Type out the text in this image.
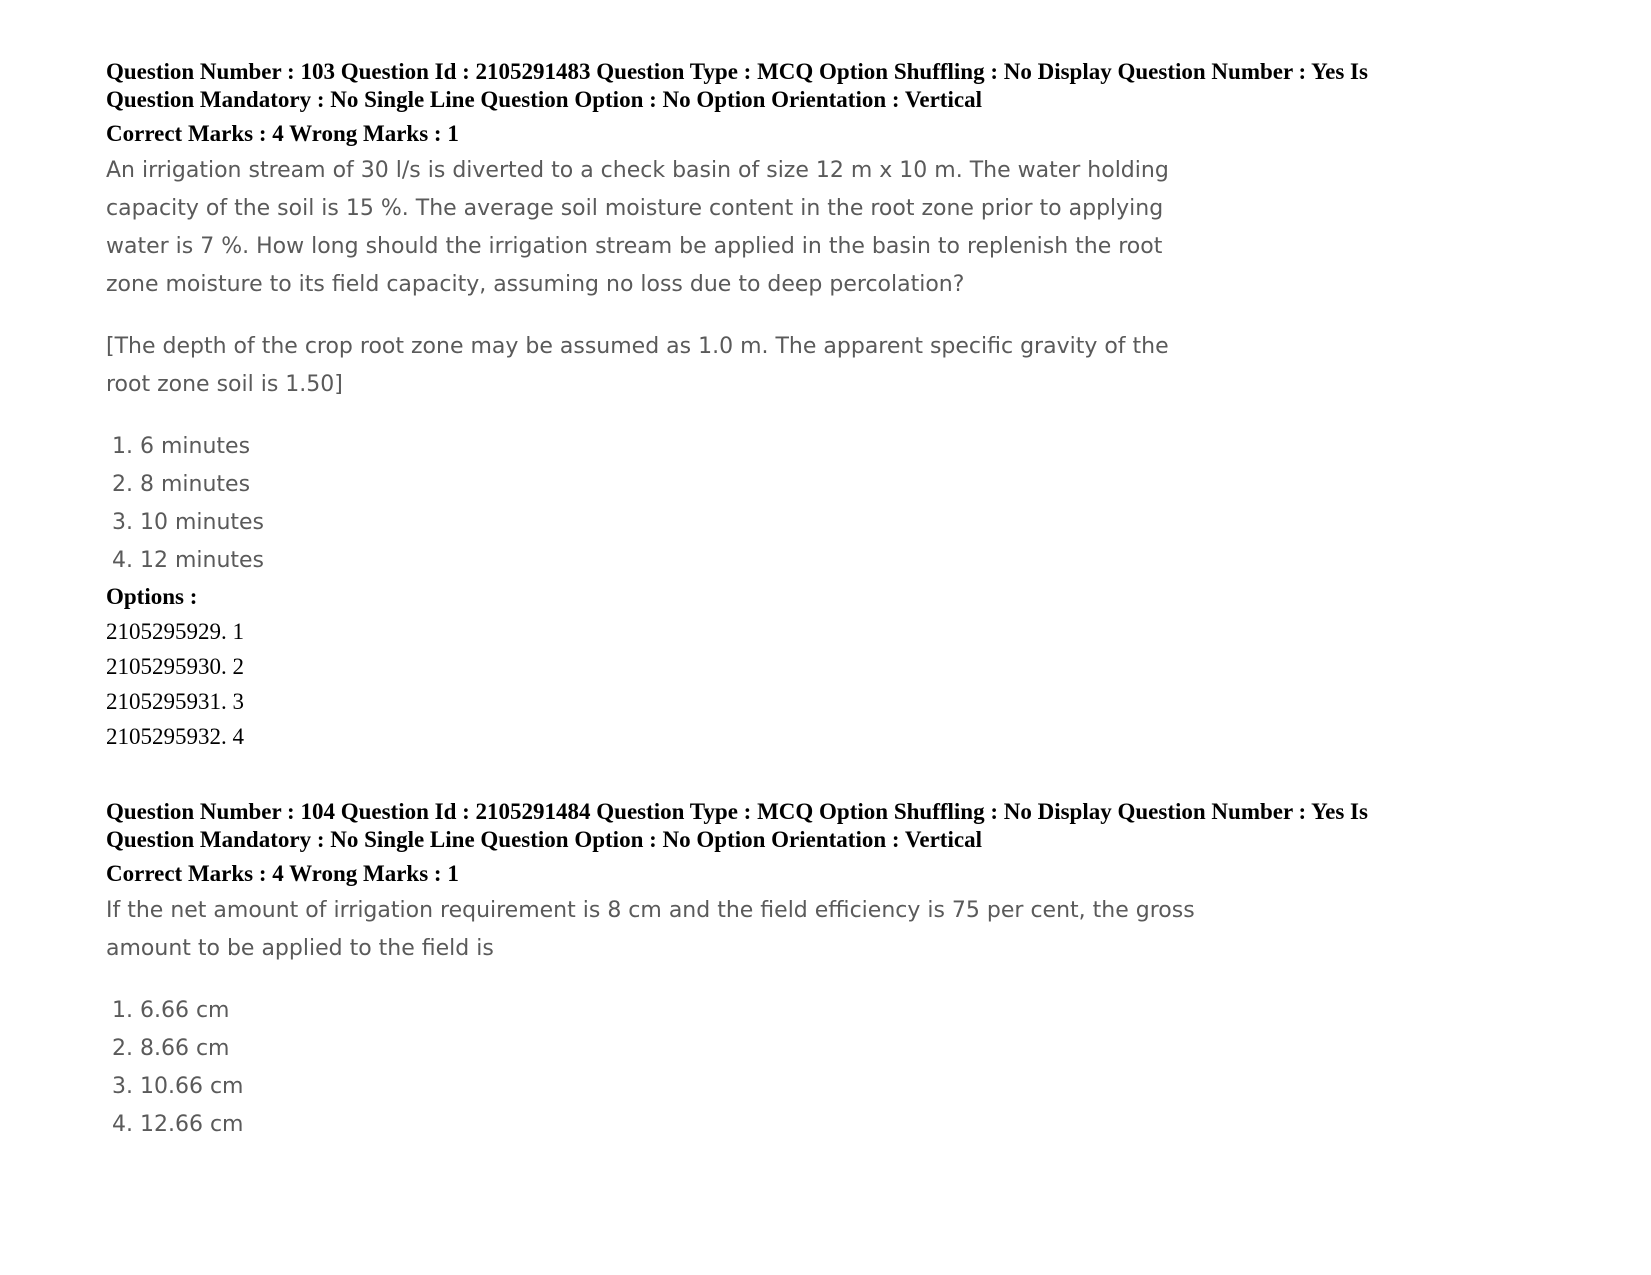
Question Number : 103 Question Id : 2105291483 Question Type : MCQ Option Shuffling : No Display Question Number : Yes Is
Question Mandatory : No Single Line Question Option : No Option Orientation : Vertical
Correct Marks : 4 Wrong Marks : 1

An irrigation stream of 30 l/s is diverted to a check basin of size 12 m x 10 m. The water holding capacity of the soil is 15 %. The average soil moisture content in the root zone prior to applying water is 7 %. How long should the irrigation stream be applied in the basin to replenish the root zone moisture to its field capacity, assuming no loss due to deep percolation?

[The depth of the crop root zone may be assumed as 1.0 m. The apparent specific gravity of the root zone soil is 1.50]

1. 6 minutes
2. 8 minutes
3. 10 minutes
4. 12 minutes
Options :
2105295929. 1
2105295930. 2
2105295931. 3
2105295932. 4
Question Number : 104 Question Id : 2105291484 Question Type : MCQ Option Shuffling : No Display Question Number : Yes Is
Question Mandatory : No Single Line Question Option : No Option Orientation : Vertical
Correct Marks : 4 Wrong Marks : 1

If the net amount of irrigation requirement is 8 cm and the field efficiency is 75 per cent, the gross amount to be applied to the field is

1. 6.66 cm
2. 8.66 cm
3. 10.66 cm
4. 12.66 cm
